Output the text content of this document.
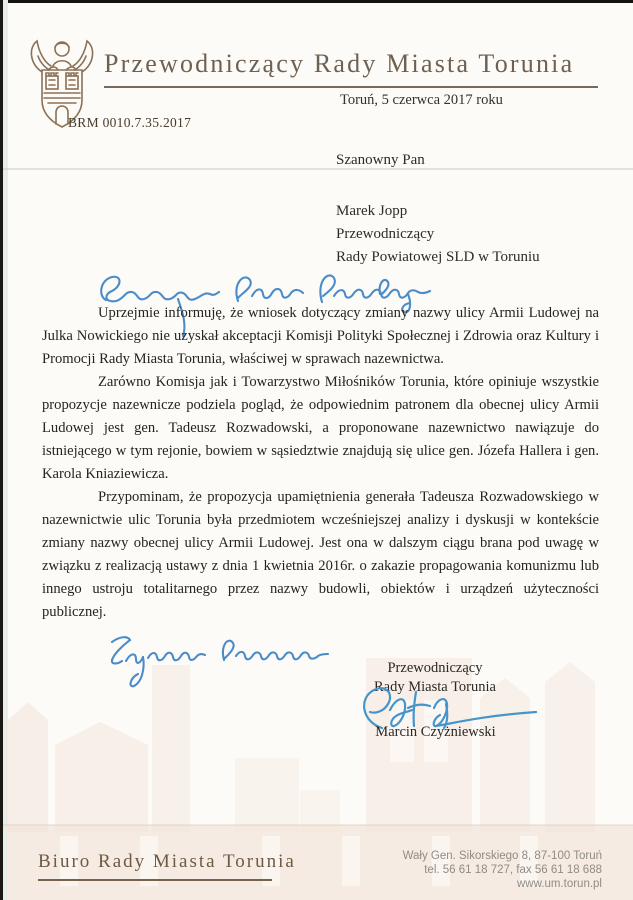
Przewodniczący Rady Miasta Torunia
Toruń, 5 czerwca 2017 roku
BRM 0010.7.35.2017
Szanowny Pan
Marek Jopp
Przewodniczący
Rady Powiatowej SLD w Toruniu

Uprzejmie informuję, że wniosek dotyczący zmiany nazwy ulicy Armii Ludowej na Julka Nowickiego nie uzyskał akceptacji Komisji Polityki Społecznej i Zdrowia oraz Kultury i Promocji Rady Miasta Torunia, właściwej w sprawach nazewnictwa.

Zarówno Komisja jak i Towarzystwo Miłośników Torunia, które opiniuje wszystkie propozycje nazewnicze podziela pogląd, że odpowiednim patronem dla obecnej ulicy Armii Ludowej jest gen. Tadeusz Rozwadowski, a proponowane nazewnictwo nawiązuje do istniejącego w tym rejonie, bowiem w sąsiedztwie znajdują się ulice gen. Józefa Hallera i gen. Karola Kniaziewicza.

Przypominam, że propozycja upamiętnienia generała Tadeusza Rozwadowskiego w nazewnictwie ulic Torunia była przedmiotem wcześniejszej analizy i dyskusji w kontekście zmiany nazwy obecnej ulicy Armii Ludowej. Jest ona w dalszym ciągu brana pod uwagę w związku z realizacją ustawy z dnia 1 kwietnia 2016r. o zakazie propagowania komunizmu lub innego ustroju totalitarnego przez nazwy budowli, obiektów i urządzeń użyteczności publicznej.

Przewodniczący
Rady Miasta Torunia
Marcin Czyżniewski
Biuro Rady Miasta Torunia	Wały Gen. Sikorskiego 8, 87-100 Toruń
tel. 56 61 18 727, fax 56 61 18 688
www.um.torun.pl
